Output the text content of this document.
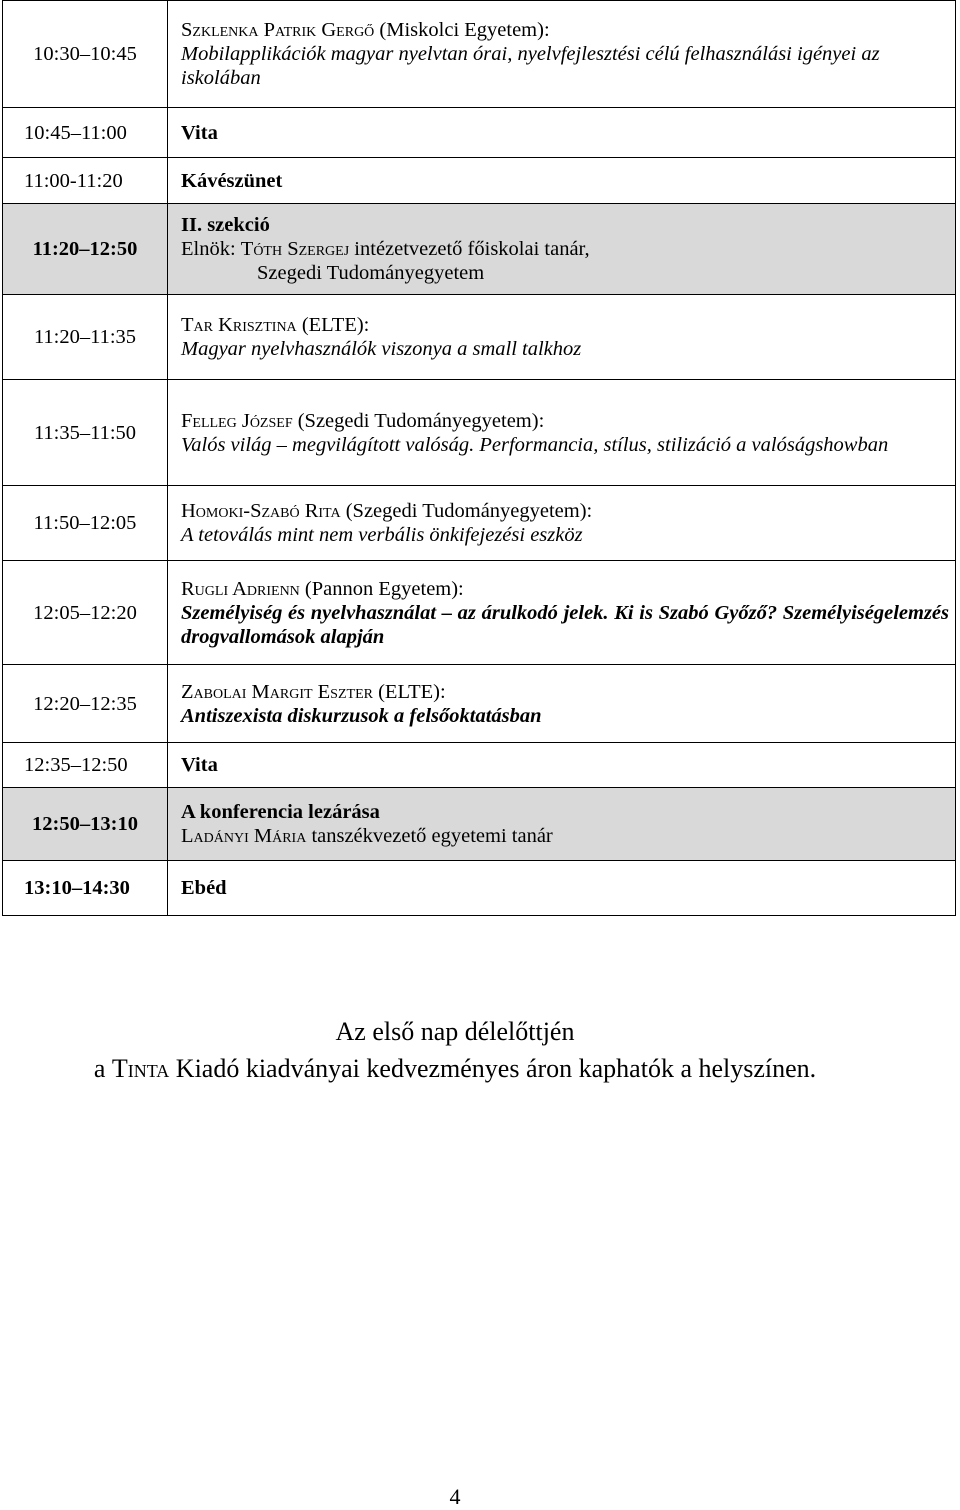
10:30–10:45	Szklenka Patrik Gergő (Miskolci Egyetem):
Mobilapplikációk magyar nyelvtan órai, nyelvfejlesztési célú felhasználási igényei az iskolában
10:45–11:00	Vita
11:00-11:20	Kávészünet
11:20–12:50	II. szekció
Elnök: Tóth Szergej intézetvezető főiskolai tanár,
Szegedi Tudományegyetem
11:20–11:35	Tar Krisztina (ELTE):
Magyar nyelvhasználók viszonya a small talkhoz
11:35–11:50	Felleg József (Szegedi Tudományegyetem):
Valós világ – megvilágított valóság. Performancia, stílus, stilizáció a valóságshowban
11:50–12:05	Homoki-Szabó Rita (Szegedi Tudományegyetem):
A tetoválás mint nem verbális önkifejezési eszköz
12:05–12:20	Rugli Adrienn (Pannon Egyetem):

Személyiség és nyelvhasználat – az árulkodó jelek. Ki is Szabó Győző? Személyiségelemzés drogvallomások alapján

12:20–12:35	Zabolai Margit Eszter (ELTE):
Antiszexista diskurzusok a felsőoktatásban
12:35–12:50	Vita
12:50–13:10	A konferencia lezárása
Ladányi Mária tanszékvezető egyetemi tanár
13:10–14:30	Ebéd
Az első nap délelőttjén
a Tinta Kiadó kiadványai kedvezményes áron kaphatók a helyszínen.
4
